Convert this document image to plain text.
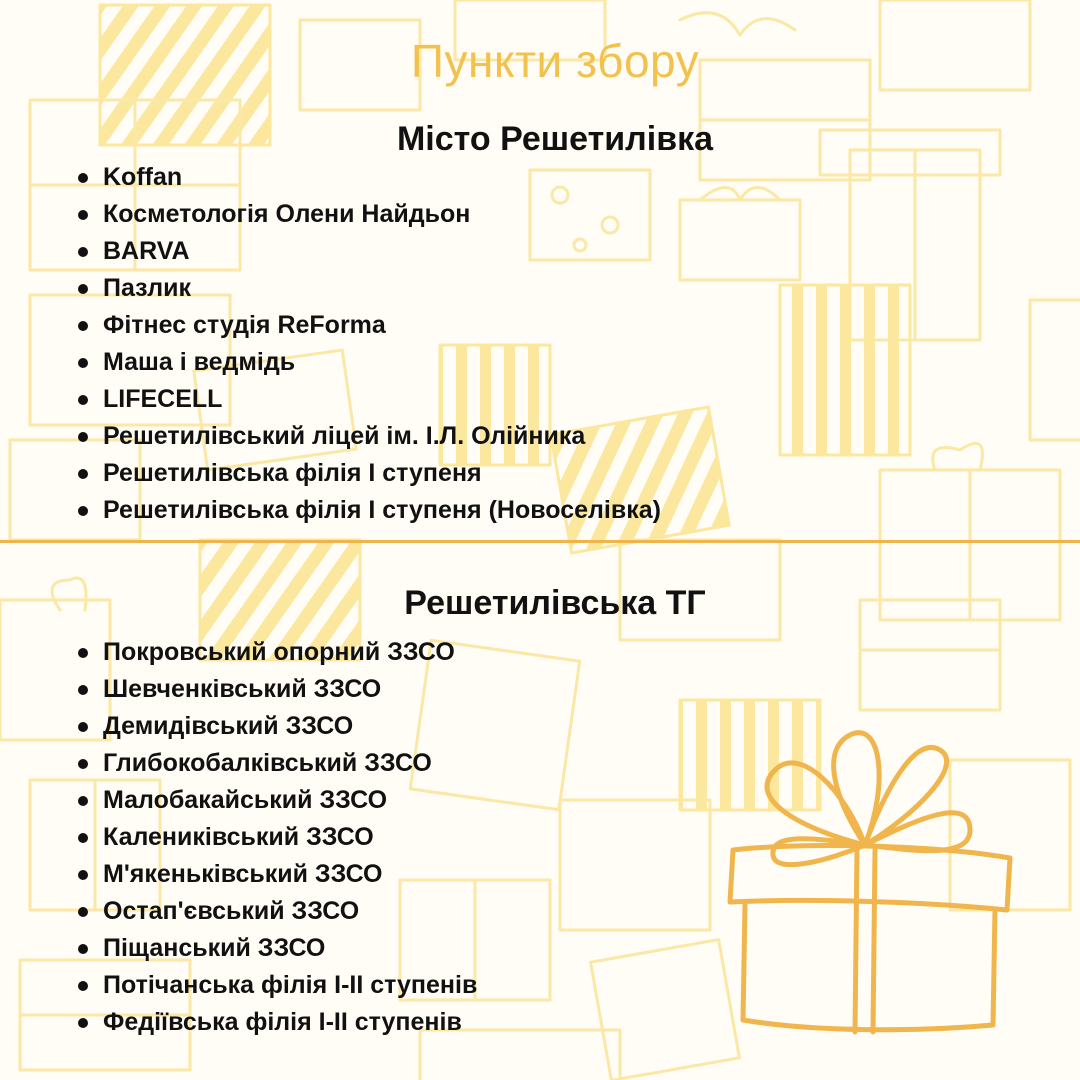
Пункти збору
Місто Решетилівка
Koffan
Косметологія Олени Найдьон
BARVA
Пазлик
Фітнес студія ReForma
Маша і ведмідь
LIFECELL
Решетилівський ліцей ім. І.Л. Олійника
Решетилівська філія І ступеня
Решетилівська філія І ступеня (Новоселівка)
Решетилівська ТГ
Покровський опорний ЗЗСО
Шевченківський ЗЗСО
Демидівський ЗЗСО
Глибокобалківський ЗЗСО
Малобакайський ЗЗСО
Калениківський ЗЗСО
М'якеньківський ЗЗСО
Остап'євський ЗЗСО
Піщанський ЗЗСО
Потічанська філія І-ІІ ступенів
Федіївська філія І-ІІ ступенів
